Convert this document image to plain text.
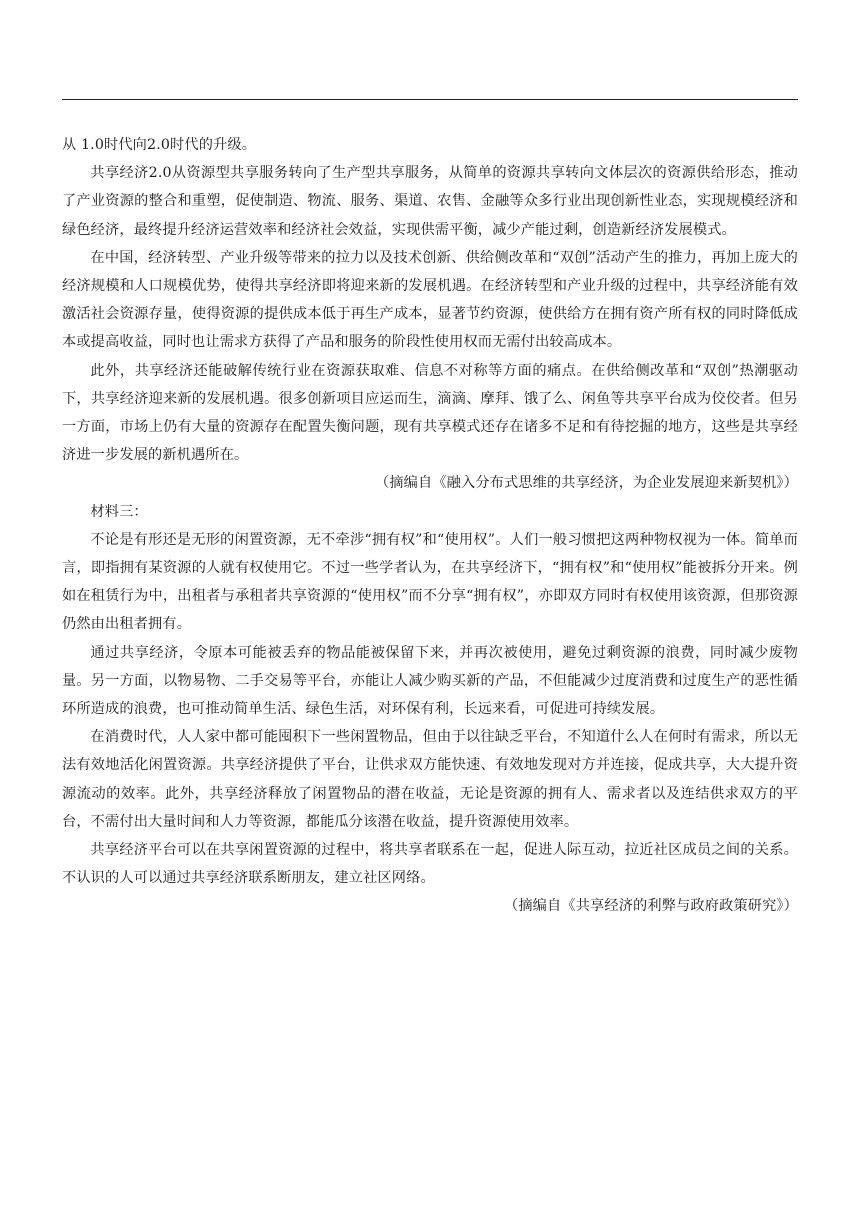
从 1.0时代向2.0时代的升级。

共享经济2.0从资源型共享服务转向了生产型共享服务，从简单的资源共享转向文体层次的资源供给形态，推动了产业资源的整合和重塑，促使制造、物流、服务、渠道、农售、金融等众多行业出现创新性业态，实现规模经济和绿色经济，最终提升经济运营效率和经济社会效益，实现供需平衡，减少产能过剩，创造新经济发展模式。

在中国，经济转型、产业升级等带来的拉力以及技术创新、供给侧改革和“双创”活动产生的推力，再加上庞大的经济规模和人口规模优势，使得共享经济即将迎来新的发展机遇。在经济转型和产业升级的过程中，共享经济能有效激活社会资源存量，使得资源的提供成本低于再生产成本，显著节约资源，使供给方在拥有资产所有权的同时降低成本或提高收益，同时也让需求方获得了产品和服务的阶段性使用权而无需付出较高成本。

此外，共享经济还能破解传统行业在资源获取难、信息不对称等方面的痛点。在供给侧改革和“双创”热潮驱动下，共享经济迎来新的发展机遇。很多创新项目应运而生，滴滴、摩拜、饿了么、闲鱼等共享平台成为佼佼者。但另一方面，市场上仍有大量的资源存在配置失衡问题，现有共享模式还存在诸多不足和有待挖掘的地方，这些是共享经济进一步发展的新机遇所在。

（摘编自《融入分布式思维的共享经济，为企业发展迎来新契机》）

材料三：

不论是有形还是无形的闲置资源，无不牵涉“拥有权”和“使用权”。人们一般习惯把这两种物权视为一体。简单而言，即指拥有某资源的人就有权使用它。不过一些学者认为，在共享经济下，“拥有权”和“使用权”能被拆分开来。例如在租赁行为中，出租者与承租者共享资源的“使用权”而不分享“拥有权”，亦即双方同时有权使用该资源，但那资源仍然由出租者拥有。

通过共享经济，令原本可能被丢弃的物品能被保留下来，并再次被使用，避免过剩资源的浪费，同时减少废物量。另一方面，以物易物、二手交易等平台，亦能让人减少购买新的产品，不但能减少过度消费和过度生产的恶性循环所造成的浪费，也可推动简单生活、绿色生活，对环保有利，长远来看，可促进可持续发展。

在消费时代，人人家中都可能囤积下一些闲置物品，但由于以往缺乏平台，不知道什么人在何时有需求，所以无法有效地活化闲置资源。共享经济提供了平台，让供求双方能快速、有效地发现对方并连接，促成共享，大大提升资源流动的效率。此外，共享经济释放了闲置物品的潜在收益，无论是资源的拥有人、需求者以及连结供求双方的平台，不需付出大量时间和人力等资源，都能瓜分该潜在收益，提升资源使用效率。

共享经济平台可以在共享闲置资源的过程中，将共享者联系在一起，促进人际互动，拉近社区成员之间的关系。不认识的人可以通过共享经济联系断朋友，建立社区网络。

（摘编自《共享经济的利弊与政府政策研究》）
